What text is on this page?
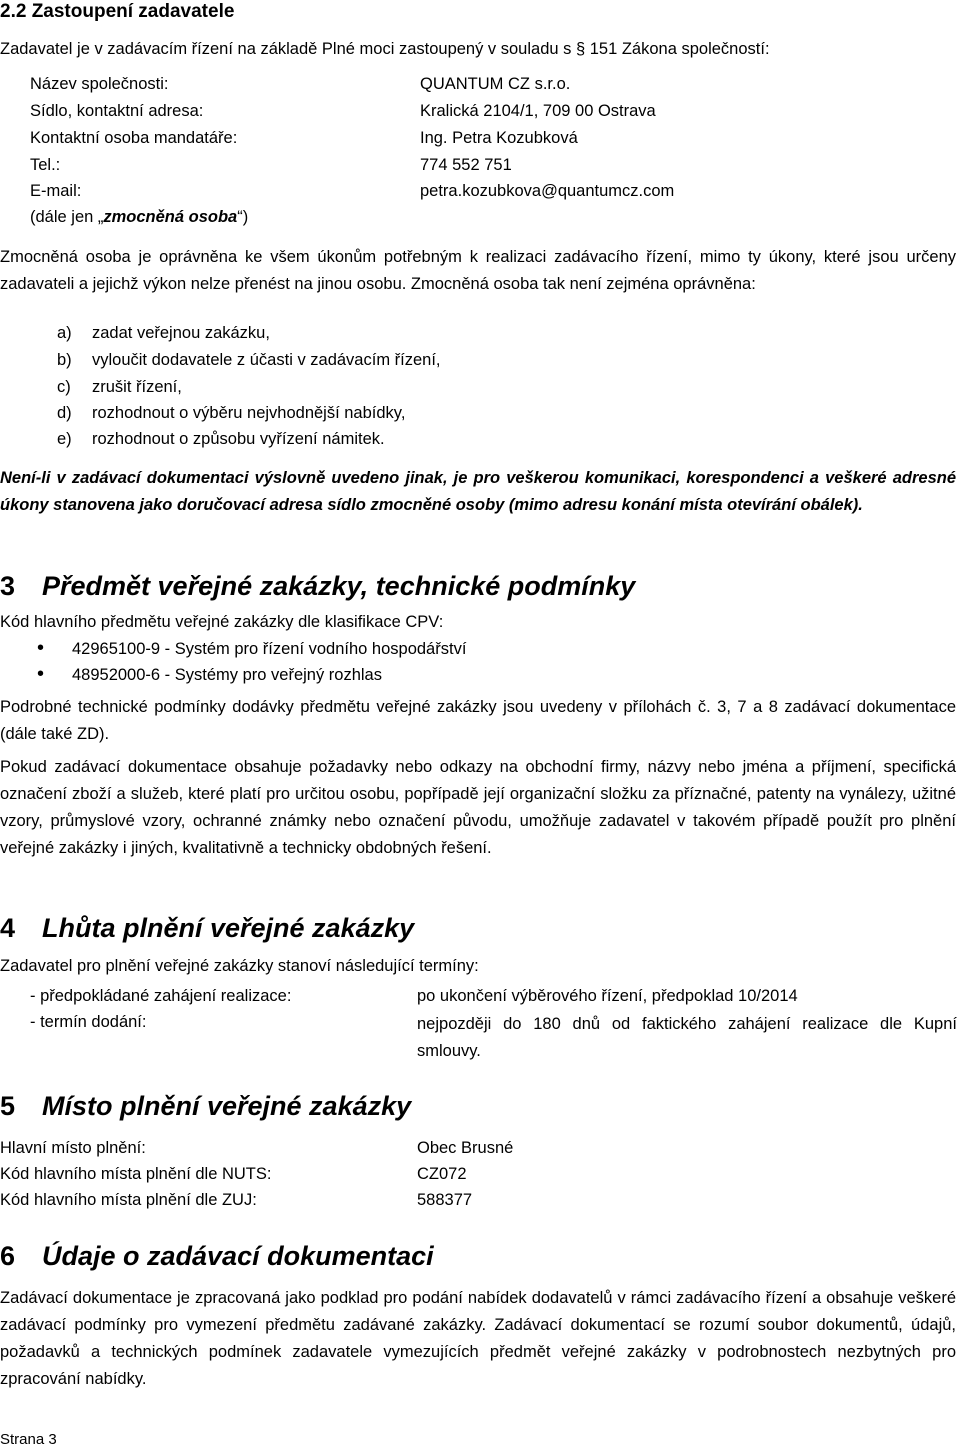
2.2 Zastoupení zadavatele
Zadavatel je v zadávacím řízení na základě Plné moci zastoupený v souladu s § 151 Zákona společností:
Název společnosti:	QUANTUM CZ s.r.o.
Sídlo, kontaktní adresa:	Kralická 2104/1, 709 00 Ostrava
Kontaktní osoba mandatáře:	Ing. Petra Kozubková
Tel.:	774 552 751
E-mail:	petra.kozubkova@quantumcz.com
(dále jen „zmocněná osoba“)
Zmocněná osoba je oprávněna ke všem úkonům potřebným k realizaci zadávacího řízení, mimo ty úkony, které jsou určeny zadavateli a jejichž výkon nelze přenést na jinou osobu. Zmocněná osoba tak není zejména oprávněna:
a) zadat veřejnou zakázku,
b) vyloučit dodavatele z účasti v zadávacím řízení,
c) zrušit řízení,
d) rozhodnout o výběru nejvhodnější nabídky,
e) rozhodnout o způsobu vyřízení námitek.
Není-li v zadávací dokumentaci výslovně uvedeno jinak, je pro veškerou komunikaci, korespondenci a veškeré adresné úkony stanovena jako doručovací adresa sídlo zmocněné osoby (mimo adresu konání místa otevírání obálek).
3 Předmět veřejné zakázky, technické podmínky
Kód hlavního předmětu veřejné zakázky dle klasifikace CPV:
• 42965100-9 - Systém pro řízení vodního hospodářství
• 48952000-6 - Systémy pro veřejný rozhlas
Podrobné technické podmínky dodávky předmětu veřejné zakázky jsou uvedeny v přílohách č. 3, 7 a 8 zadávací dokumentace (dále také ZD).
Pokud zadávací dokumentace obsahuje požadavky nebo odkazy na obchodní firmy, názvy nebo jména a příjmení, specifická označení zboží a služeb, které platí pro určitou osobu, popřípadě její organizační složku za příznačné, patenty na vynálezy, užitné vzory, průmyslové vzory, ochranné známky nebo označení původu, umožňuje zadavatel v takovém případě použít pro plnění veřejné zakázky i jiných, kvalitativně a technicky obdobných řešení.
4 Lhůta plnění veřejné zakázky
Zadavatel pro plnění veřejné zakázky stanoví následující termíny:
- předpokládané zahájení realizace:	po ukončení výběrového řízení, předpoklad 10/2014
- termín dodání:	nejpozději do 180 dnů od faktického zahájení realizace dle Kupní smlouvy.
5 Místo plnění veřejné zakázky
Hlavní místo plnění:	Obec Brusné
Kód hlavního místa plnění dle NUTS:	CZ072
Kód hlavního místa plnění dle ZUJ:	588377
6 Údaje o zadávací dokumentaci
Zadávací dokumentace je zpracovaná jako podklad pro podání nabídek dodavatelů v rámci zadávacího řízení a obsahuje veškeré zadávací podmínky pro vymezení předmětu zadávané zakázky. Zadávací dokumentací se rozumí soubor dokumentů, údajů, požadavků a technických podmínek zadavatele vymezujících předmět veřejné zakázky v podrobnostech nezbytných pro zpracování nabídky.
Strana 3
